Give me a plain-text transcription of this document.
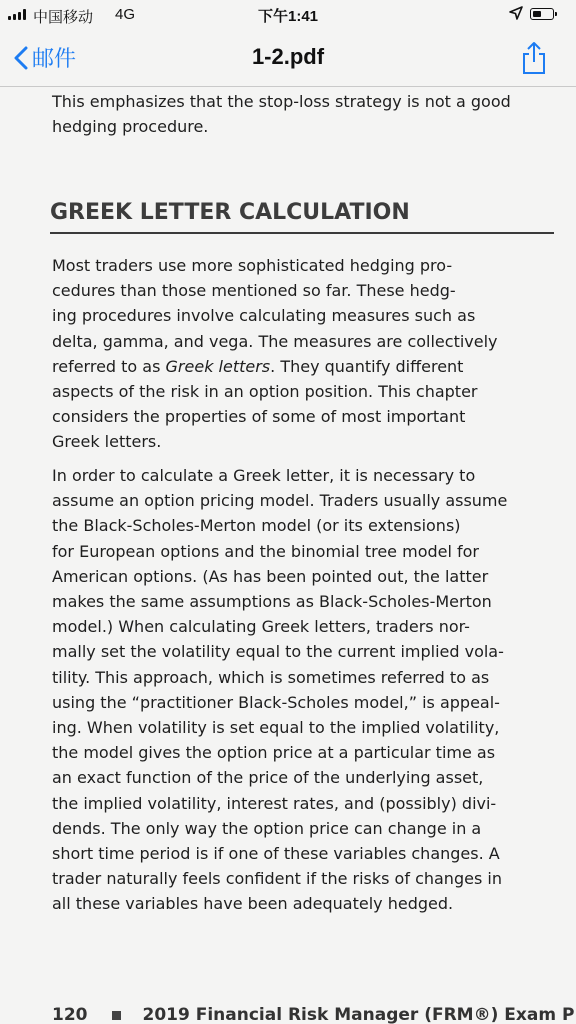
中国移动 4G	下午1:41
邮件	1-2.pdf
This emphasizes that the stop-loss strategy is not a good
hedging procedure.
GREEK LETTER CALCULATION
Most traders use more sophisticated hedging pro-
cedures than those mentioned so far. These hedg-
ing procedures involve calculating measures such as
delta, gamma, and vega. The measures are collectively
referred to as Greek letters. They quantify different
aspects of the risk in an option position. This chapter
considers the properties of some of most important
Greek letters.
In order to calculate a Greek letter, it is necessary to
assume an option pricing model. Traders usually assume
the Black-Scholes-Merton model (or its extensions)
for European options and the binomial tree model for
American options. (As has been pointed out, the latter
makes the same assumptions as Black-Scholes-Merton
model.) When calculating Greek letters, traders nor-
mally set the volatility equal to the current implied vola-
tility. This approach, which is sometimes referred to as
using the “practitioner Black-Scholes model,” is appeal-
ing. When volatility is set equal to the implied volatility,
the model gives the option price at a particular time as
an exact function of the price of the underlying asset,
the implied volatility, interest rates, and (possibly) divi-
dends. The only way the option price can change in a
short time period is if one of these variables changes. A
trader naturally feels confident if the risks of changes in
all these variables have been adequately hedged.
120	2019 Financial Risk Manager (FRM®) Exam P
